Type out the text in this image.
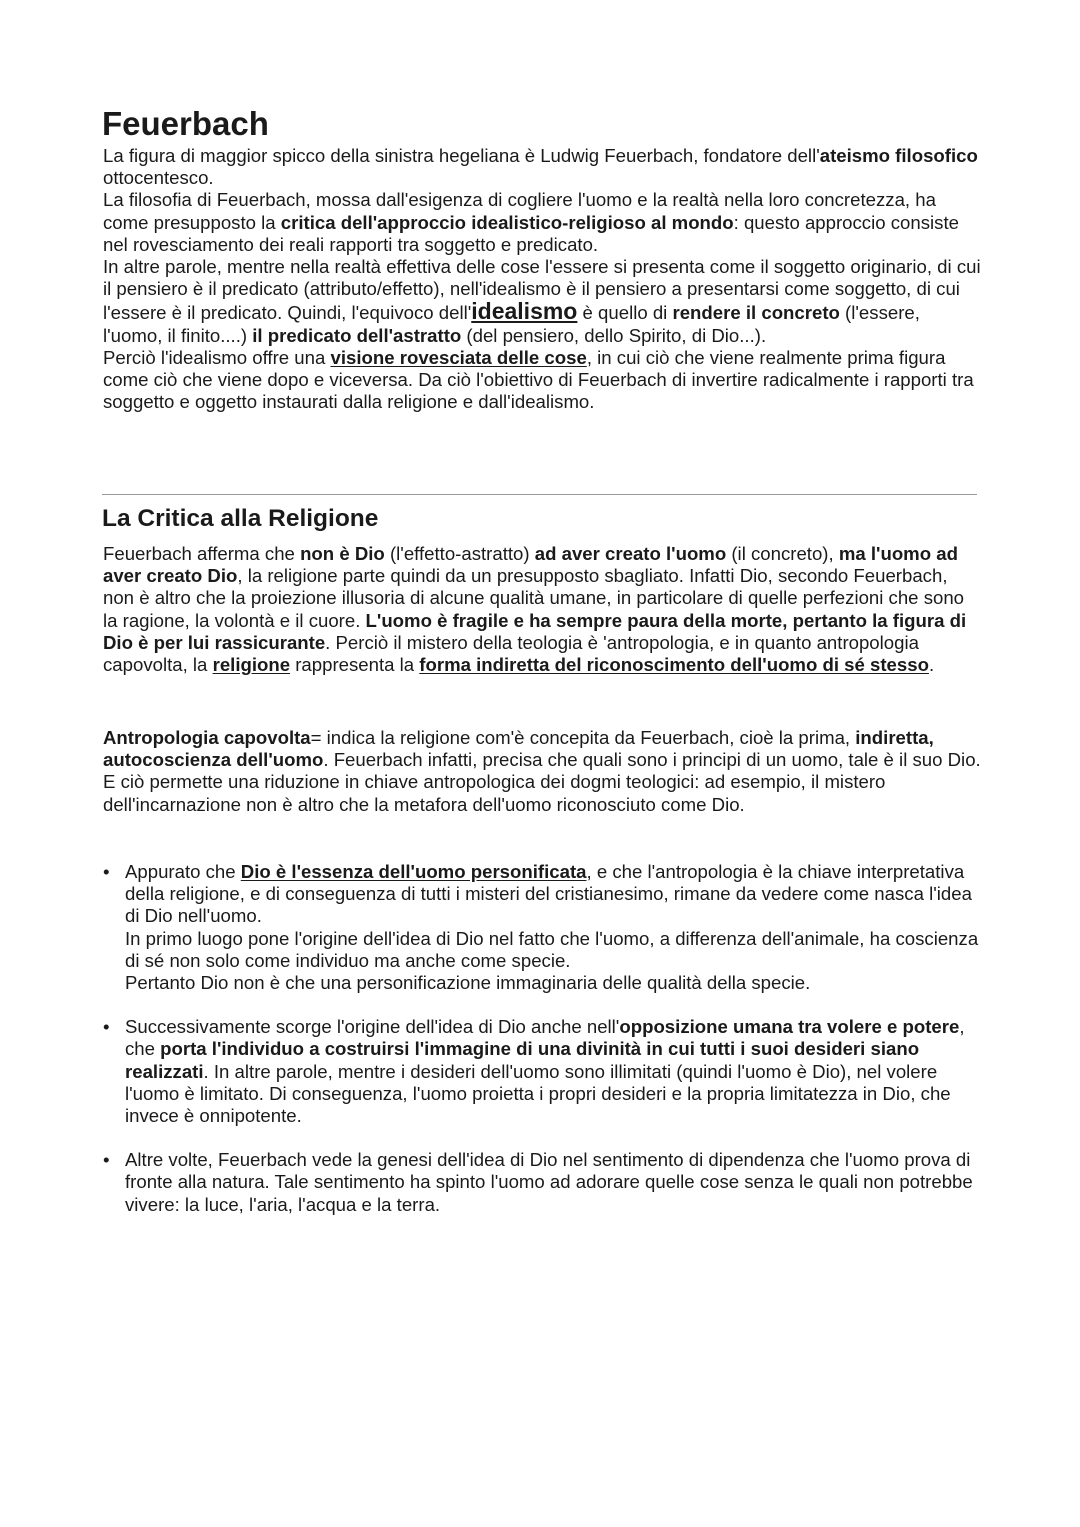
Feuerbach

La figura di maggior spicco della sinistra hegeliana è Ludwig Feuerbach, fondatore dell'ateismo filosofico ottocentesco.

La filosofia di Feuerbach, mossa dall'esigenza di cogliere l'uomo e la realtà nella loro concretezza, ha come presupposto la critica dell'approccio idealistico-religioso al mondo: questo approccio consiste nel rovesciamento dei reali rapporti tra soggetto e predicato.

In altre parole, mentre nella realtà effettiva delle cose l'essere si presenta come il soggetto originario, di cui il pensiero è il predicato (attributo/effetto), nell'idealismo è il pensiero a presentarsi come soggetto, di cui l'essere è il predicato. Quindi, l'equivoco dell'idealismo è quello di rendere il concreto (l'essere, l'uomo, il finito....) il predicato dell'astratto (del pensiero, dello Spirito, di Dio...).

Perciò l'idealismo offre una visione rovesciata delle cose, in cui ciò che viene realmente prima figura come ciò che viene dopo e viceversa. Da ciò l'obiettivo di Feuerbach di invertire radicalmente i rapporti tra soggetto e oggetto instaurati dalla religione e dall'idealismo.

La Critica alla Religione

Feuerbach afferma che non è Dio (l'effetto-astratto) ad aver creato l'uomo (il concreto), ma l'uomo ad aver creato Dio, la religione parte quindi da un presupposto sbagliato. Infatti Dio, secondo Feuerbach, non è altro che la proiezione illusoria di alcune qualità umane, in particolare di quelle perfezioni che sono la ragione, la volontà e il cuore. L'uomo è fragile e ha sempre paura della morte, pertanto la figura di Dio è per lui rassicurante. Perciò il mistero della teologia è 'antropologia, e in quanto antropologia capovolta, la religione rappresenta la forma indiretta del riconoscimento dell'uomo di sé stesso.

Antropologia capovolta= indica la religione com'è concepita da Feuerbach, cioè la prima, indiretta, autocoscienza dell'uomo. Feuerbach infatti, precisa che quali sono i principi di un uomo, tale è il suo Dio. E ciò permette una riduzione in chiave antropologica dei dogmi teologici: ad esempio, il mistero dell'incarnazione non è altro che la metafora dell'uomo riconosciuto come Dio.

• Appurato che Dio è l'essenza dell'uomo personificata, e che l'antropologia è la chiave interpretativa della religione, e di conseguenza di tutti i misteri del cristianesimo, rimane da vedere come nasca l'idea di Dio nell'uomo.

In primo luogo pone l'origine dell'idea di Dio nel fatto che l'uomo, a differenza dell'animale, ha coscienza di sé non solo come individuo ma anche come specie.

Pertanto Dio non è che una personificazione immaginaria delle qualità della specie.

• Successivamente scorge l'origine dell'idea di Dio anche nell'opposizione umana tra volere e potere, che porta l'individuo a costruirsi l'immagine di una divinità in cui tutti i suoi desideri siano realizzati. In altre parole, mentre i desideri dell'uomo sono illimitati (quindi l'uomo è Dio), nel volere l'uomo è limitato. Di conseguenza, l'uomo proietta i propri desideri e la propria limitatezza in Dio, che invece è onnipotente.

• Altre volte, Feuerbach vede la genesi dell'idea di Dio nel sentimento di dipendenza che l'uomo prova di fronte alla natura. Tale sentimento ha spinto l'uomo ad adorare quelle cose senza le quali non potrebbe vivere: la luce, l'aria, l'acqua e la terra.
